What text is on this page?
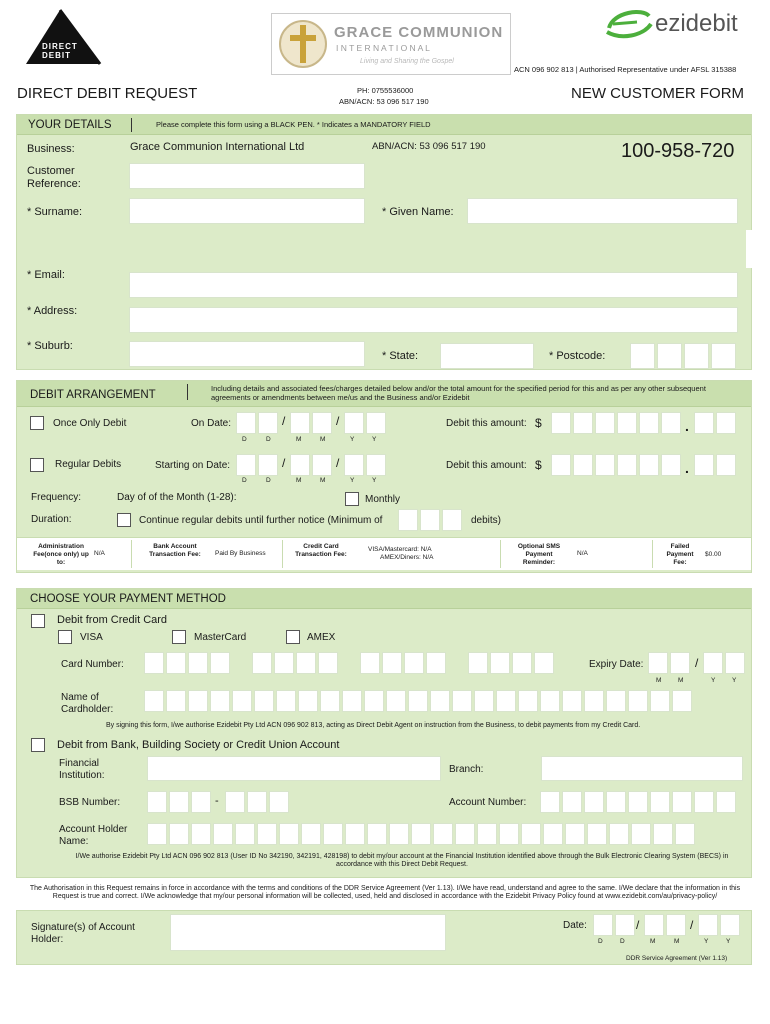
DIRECT DEBIT
GRACE COMMUNION
I N T E R N A T I O N A L
Living and Sharing the Gospel
ezidebit
ACN 096 902 813 | Authorised Representative under AFSL 315388
DIRECT DEBIT REQUEST	PH: 0755536000
ABN/ACN: 53 096 517 190	NEW CUSTOMER FORM
YOUR DETAILS	Please complete this form using a BLACK PEN. * Indicates a MANDATORY FIELD
Business:	Grace Communion International Ltd	ABN/ACN: 53 096 517 190	100-958-720
Customer Reference:
* Surname:	* Given Name:
* Email:
* Address:
* Suburb:
* State:	* Postcode:
DEBIT ARRANGEMENT
Including details and associated fees/charges detailed below and/or the total amount for the specified period for this and as per any other subsequent agreements or amendments between me/us and the Business and/or Ezidebit
Once Only Debit	On Date:	/	/
D	D	M	M	Y	Y
Debit this amount: $	.
Regular Debits	Starting on Date:	/	/
D	D	M	M	Y	Y
Debit this amount: $	.
Frequency:	Day of of the Month (1-28):	Monthly
Duration:	Continue regular debits until further notice (Minimum of	debits)
Administration Fee(once only) up to:
N/A
Bank Account Transaction Fee:	Paid By Business
Credit Card Transaction Fee:
VISA/Mastercard: N/A
AMEX/Diners: N/A
Optional SMS Payment Reminder:
N/A
Failed Payment Fee:
$0.00
CHOOSE YOUR PAYMENT METHOD
Debit from Credit Card
VISA	MasterCard	AMEX
Card Number:	Expiry Date:	/
M	M	Y	Y
Name of Cardholder:
By signing this form, I/we authorise Ezidebit Pty Ltd ACN 096 902 813, acting as Direct Debit Agent on instruction from the Business, to debit payments from my Credit Card.
Debit from Bank, Building Society or Credit Union Account
Financial Institution:
Branch:
BSB Number:	-	Account Number:
Account Holder Name:
I/We authorise Ezidebit Pty Ltd ACN 096 902 813 (User ID No 342190, 342191, 428198) to debit my/our account at the Financial Institution identified above through the Bulk Electronic Clearing System (BECS) in accordance with this Direct Debit Request.
The Authorisation in this Request remains in force in accordance with the terms and conditions of the DDR Service Agreement (Ver 1.13). I/We have read, understand and agree to the same. I/We declare that the information in this Request is true and correct. I/We acknowledge that my/our personal information will be collected, used, held and disclosed in accordance with the Ezidebit Privacy Policy found at www.ezidebit.com/au/privacy-policy/
Signature(s) of Account Holder:
Date:	/	/
D	D	M	M	Y	Y
DDR Service Agreement (Ver 1.13)
